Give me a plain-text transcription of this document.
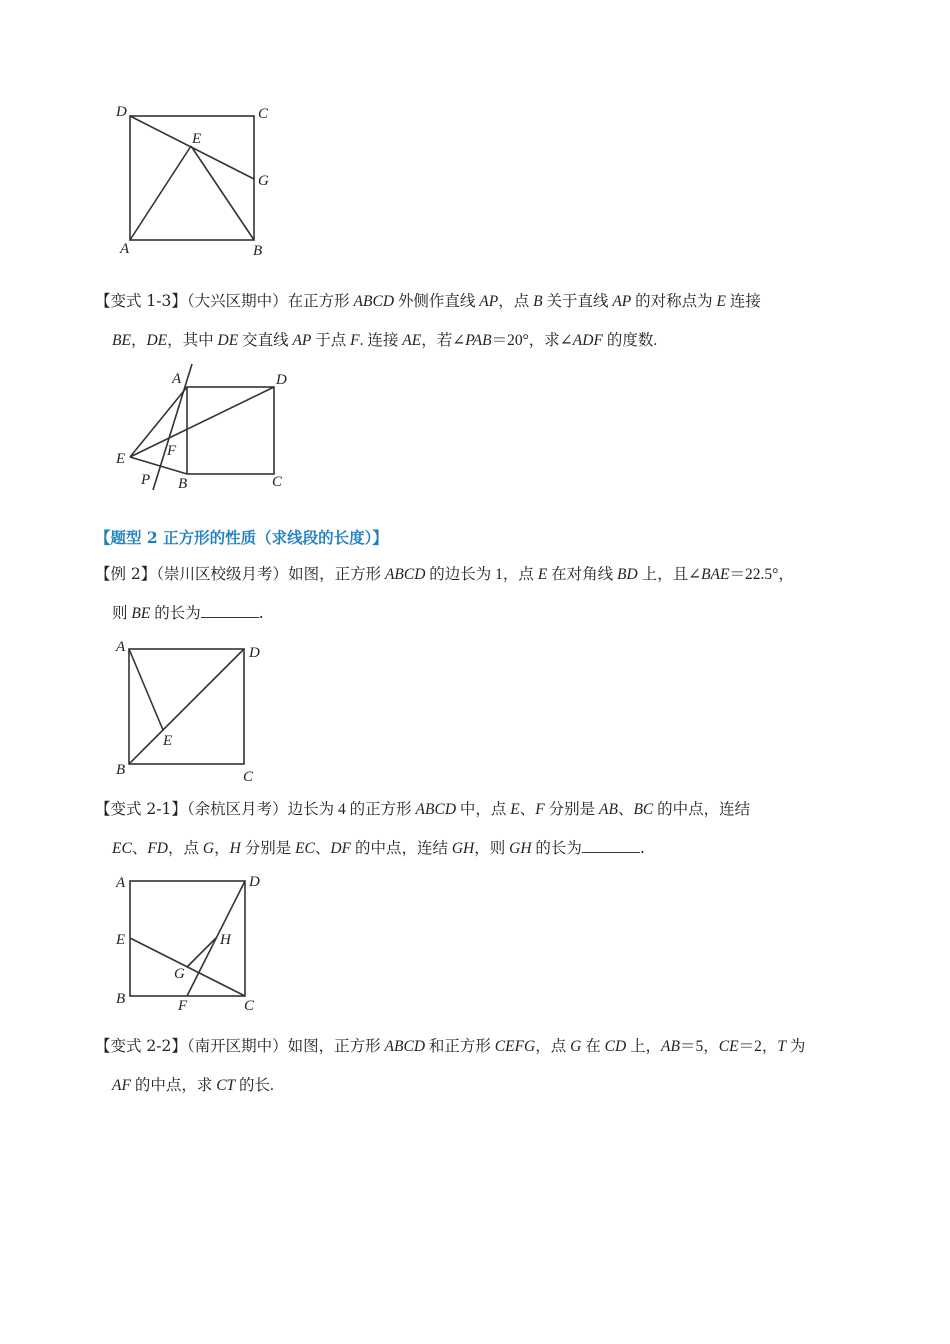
D	C
E
G
A	B
【变式 1-3】（大兴区期中）在正方形 ABCD 外侧作直线 AP，点 B 关于直线 AP 的对称点为 E 连接
BE，DE，其中 DE 交直线 AP 于点 F. 连接 AE，若∠PAB＝20°，求∠ADF 的度数.
A	D
F
E
P B	C
【题型 2 正方形的性质（求线段的长度）】
【例 2】（崇川区校级月考）如图，正方形 ABCD 的边长为 1，点 E 在对角线 BD 上，且∠BAE＝22.5°，
则 BE 的长为	.
A	D
E
B	C
【变式 2-1】（余杭区月考）边长为 4 的正方形 ABCD 中，点 E、F 分别是 AB、BC 的中点，连结
EC、FD，点 G，H 分别是 EC、DF 的中点，连结 GH，则 GH 的长为	.
A	D
E	H
G
B	F	C
【变式 2-2】（南开区期中）如图，正方形 ABCD 和正方形 CEFG，点 G 在 CD 上，AB＝5，CE＝2，T 为
AF 的中点，求 CT 的长.
